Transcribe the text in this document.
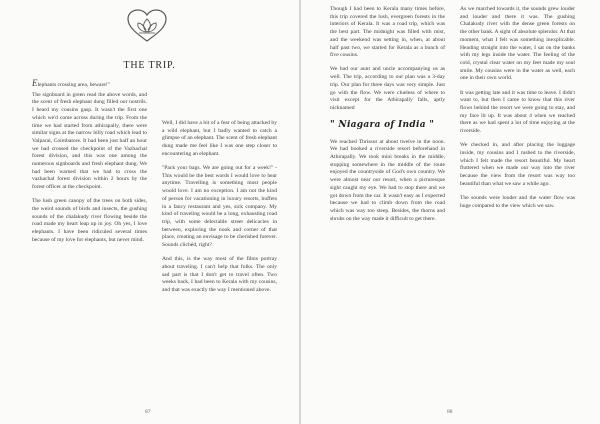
THE TRIP.

Elephants crossing area, beware!"

The signboard in green read the above words, and the scent of fresh elephant dung filled our nostrils. I heard my cousins gasp. It wasn't the first one which we'd come across during the trip. From the time we had started from athirapally, there were similar signs at the narrow hilly road which lead to Valparai, Coimbatore. It had been just half an hour we had crossed the checkpoint of the Vazhachal forest division, and this was one among the numerous signboards and fresh elephant dung. We had been warned that we had to cross the vazhachal forest division within 2 hours by the forest officer at the checkpoint.

The lush green canopy of the trees on both sides, the weird sounds of birds and insects, the gushing sounds of the chalakudy river flowing beside the road made my heart leap up in joy. Oh yes, I love elephants. I have been ridiculed several times because of my love for elephants, but never mind.

Well, I did have a bit of a fear of being attacked by a wild elephant, but I badly wanted to catch a glimpse of an elephant. The scent of fresh elephant dung made me feel like I was one step closer to encountering an elephant.

"Pack your bags. We are going out for a week!" - This would be the best words I would love to hear anytime. Travelling is something most people would love. I am no exception. I am not the kind of person for vacationing in luxury resorts, buffets in a fancy restaurant and yes, sick company. My kind of traveling would be a long, exhausting road trip, with some delectable street delicacies in between, exploring the nook and corner of that place, creating an envisage to be cherished forever. Sounds clichéd, right?

And this, is the way most of the films portray about traveling. I can't help that folks. The only sad part is that I don't get to travel often. Two weeks back, I had been to Kerala with my cousins, and that was exactly the way I mentioned above.

87

Though I had been to Kerala many times before, this trip covered the lush, evergreen forests in the interiors of Kerala. It was a road trip, which was the best part. The midnight was filled with mist, and the weekend was setting in, when, at about half past two, we started for Kerala as a bunch of five cousins.

We had our aunt and uncle accompanying us as well. The trip, according to our plan was a 3-day trip. Our plan for three days was very simple. Just go with the flow. We were clueless of where to visit except for the Athirapally falls, aptly nicknamed

" Niagara of India "

We reached Thrissur at about twelve in the noon. We had booked a riverside resort beforehand in Athirapally. We took mini breaks in the middle, stopping somewhere in the middle of the route enjoyed the countryside of God's own country. We were almost near our resort, when a picturesque sight caught my eye. We had to stop there and we got down from the car. It wasn't easy as I expected because we had to climb down from the road which was way too steep. Besides, the thorns and shrubs on the way made it difficult to get there.

As we marched towards it, the sounds grew louder and louder and there it was. The gushing Chalakudy river with the dense green forests on the other bank. A sight of absolute splendor. At that moment, what I felt was something inexplicable. Heading straight into the water, I sat on the banks with my legs inside the water. The feeling of the cold, crystal clear water on my feet made my soul smile. My cousins were in the water as well, each one in their own world.

It was getting late and it was time to leave. I didn't want to, but then I came to know that this river flows behind the resort we were going to stay, and my face lit up. It was about 4 when we reached there as we had spent a lot of time enjoying at the riverside.

We checked in, and after placing the luggage inside, my cousins and I rushed to the riverside, which I felt made the resort beautiful. My heart fluttered when we made our way into the river because the view from the resort was way too beautiful than what we saw a while ago.

The sounds were louder and the water flow was huge compared to the view which we saw.

88
